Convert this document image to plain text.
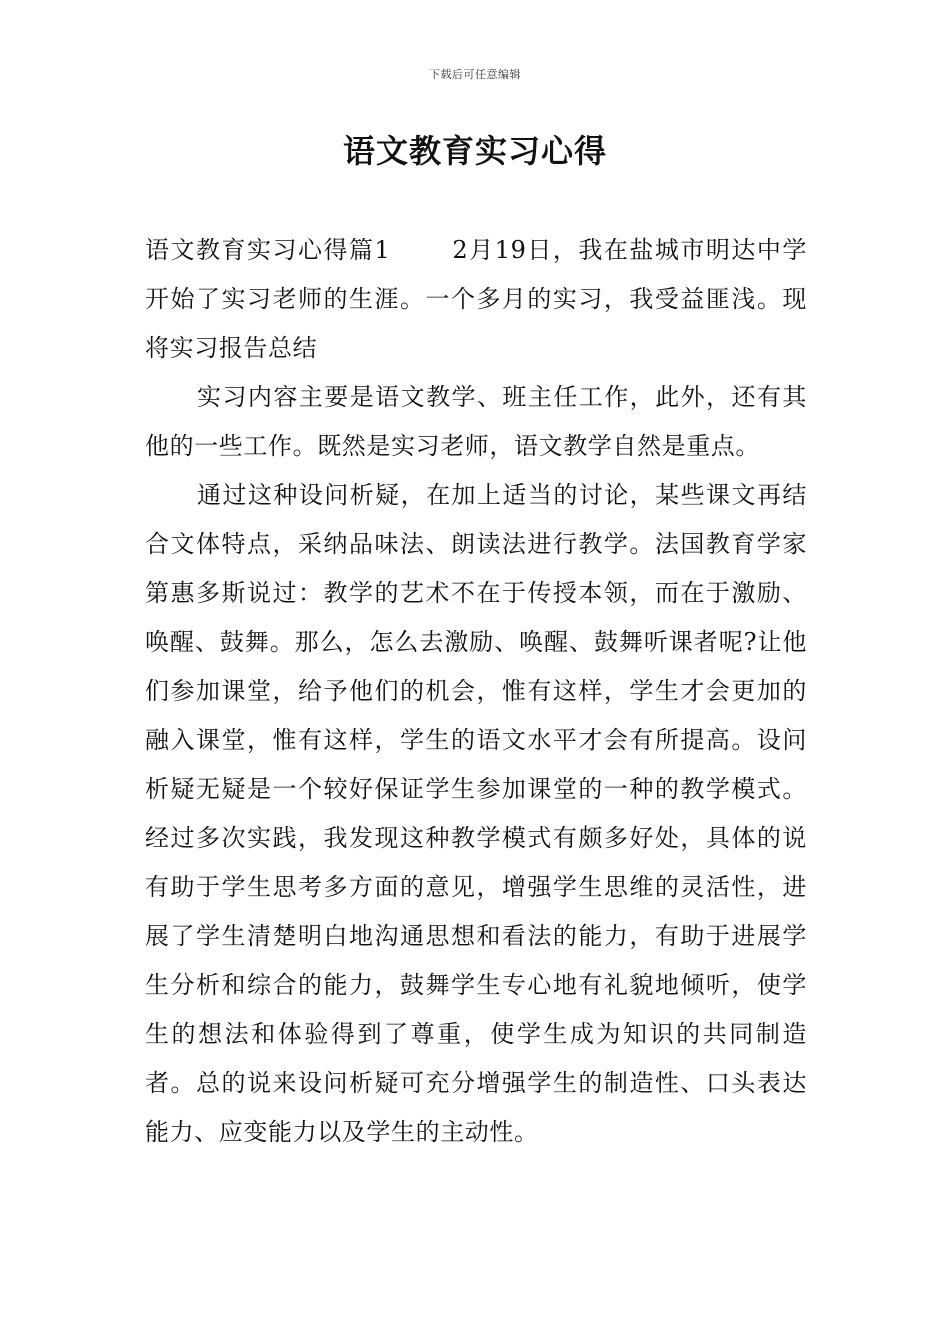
下载后可任意编辑
语文教育实习心得

语文教育实习心得篇1	2月19日，我在盐城市明达中学开始了实习老师的生涯。一个多月的实习，我受益匪浅。现将实习报告总结

实习内容主要是语文教学、班主任工作，此外，还有其他的一些工作。既然是实习老师，语文教学自然是重点。

通过这种设问析疑，在加上适当的讨论，某些课文再结合文体特点，采纳品味法、朗读法进行教学。法国教育学家第惠多斯说过：教学的艺术不在于传授本领，而在于激励、唤醒、鼓舞。那么，怎么去激励、唤醒、鼓舞听课者呢?让他们参加课堂，给予他们的机会，惟有这样，学生才会更加的融入课堂，惟有这样，学生的语文水平才会有所提高。设问析疑无疑是一个较好保证学生参加课堂的一种的教学模式。经过多次实践，我发现这种教学模式有颇多好处，具体的说有助于学生思考多方面的意见，增强学生思维的灵活性，进展了学生清楚明白地沟通思想和看法的能力，有助于进展学生分析和综合的能力，鼓舞学生专心地有礼貌地倾听，使学生的想法和体验得到了尊重，使学生成为知识的共同制造者。总的说来设问析疑可充分增强学生的制造性、口头表达能力、应变能力以及学生的主动性。
